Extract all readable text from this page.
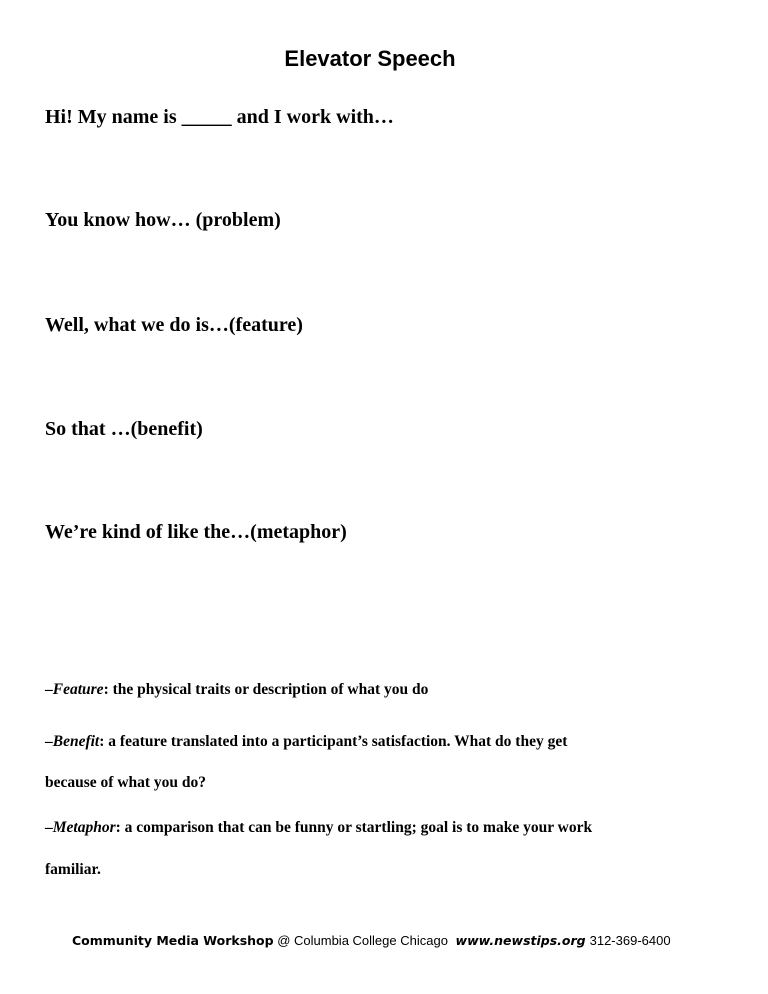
Elevator Speech
Hi! My name is _____ and I work with…
You know how… (problem)
Well, what we do is…(feature)
So that …(benefit)
We’re kind of like the…(metaphor)
–Feature: the physical traits or description of what you do
–Benefit: a feature translated into a participant’s satisfaction. What do they get
because of what you do?
–Metaphor: a comparison that can be funny or startling; goal is to make your work
familiar.
Community Media Workshop @ Columbia College Chicago www.newstips.org 312-369-6400
